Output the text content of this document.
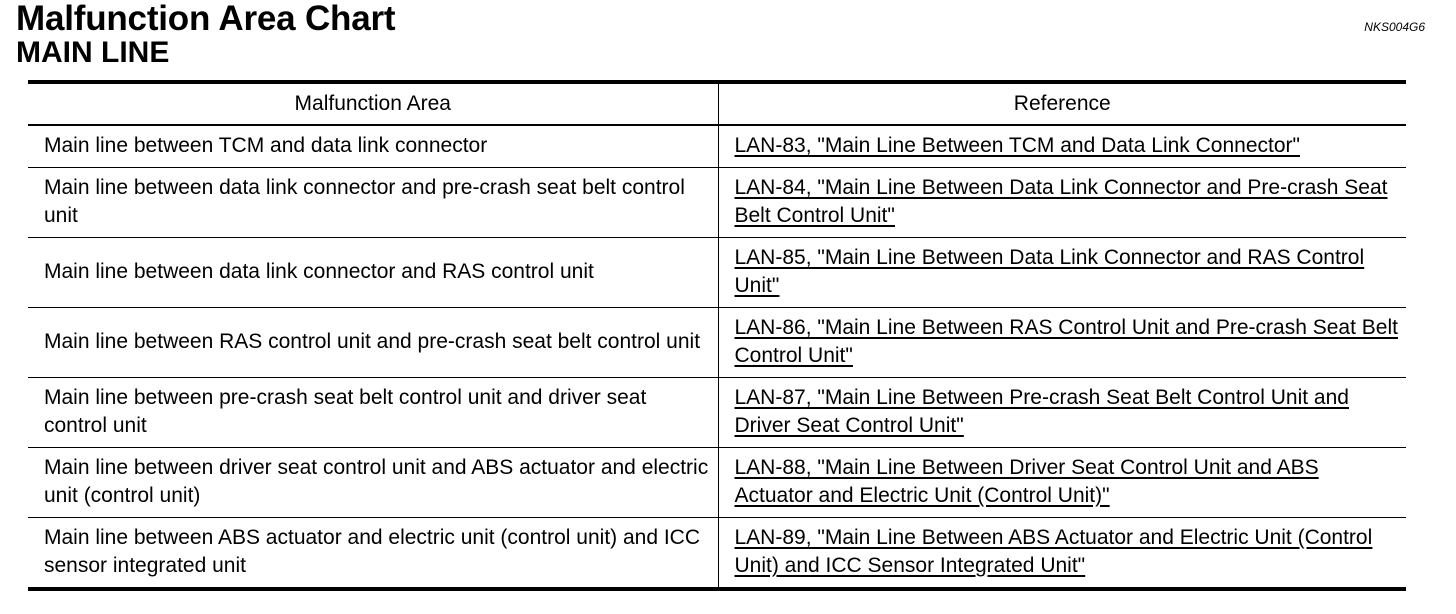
Malfunction Area Chart
MAIN LINE
NKS004G6
Malfunction Area	Reference
Main line between TCM and data link connector	LAN-83, "Main Line Between TCM and Data Link Connector"
Main line between data link connector and pre-crash seat belt control unit	LAN-84, "Main Line Between Data Link Connector and Pre-crash Seat Belt Control Unit"
Main line between data link connector and RAS control unit	LAN-85, "Main Line Between Data Link Connector and RAS Control Unit"
Main line between RAS control unit and pre-crash seat belt control unit	LAN-86, "Main Line Between RAS Control Unit and Pre-crash Seat Belt Control Unit"
Main line between pre-crash seat belt control unit and driver seat control unit	LAN-87, "Main Line Between Pre-crash Seat Belt Control Unit and Driver Seat Control Unit"
Main line between driver seat control unit and ABS actuator and electric unit (control unit)	LAN-88, "Main Line Between Driver Seat Control Unit and ABS Actuator and Electric Unit (Control Unit)"
Main line between ABS actuator and electric unit (control unit) and ICC sensor integrated unit	LAN-89, "Main Line Between ABS Actuator and Electric Unit (Control Unit) and ICC Sensor Integrated Unit"
